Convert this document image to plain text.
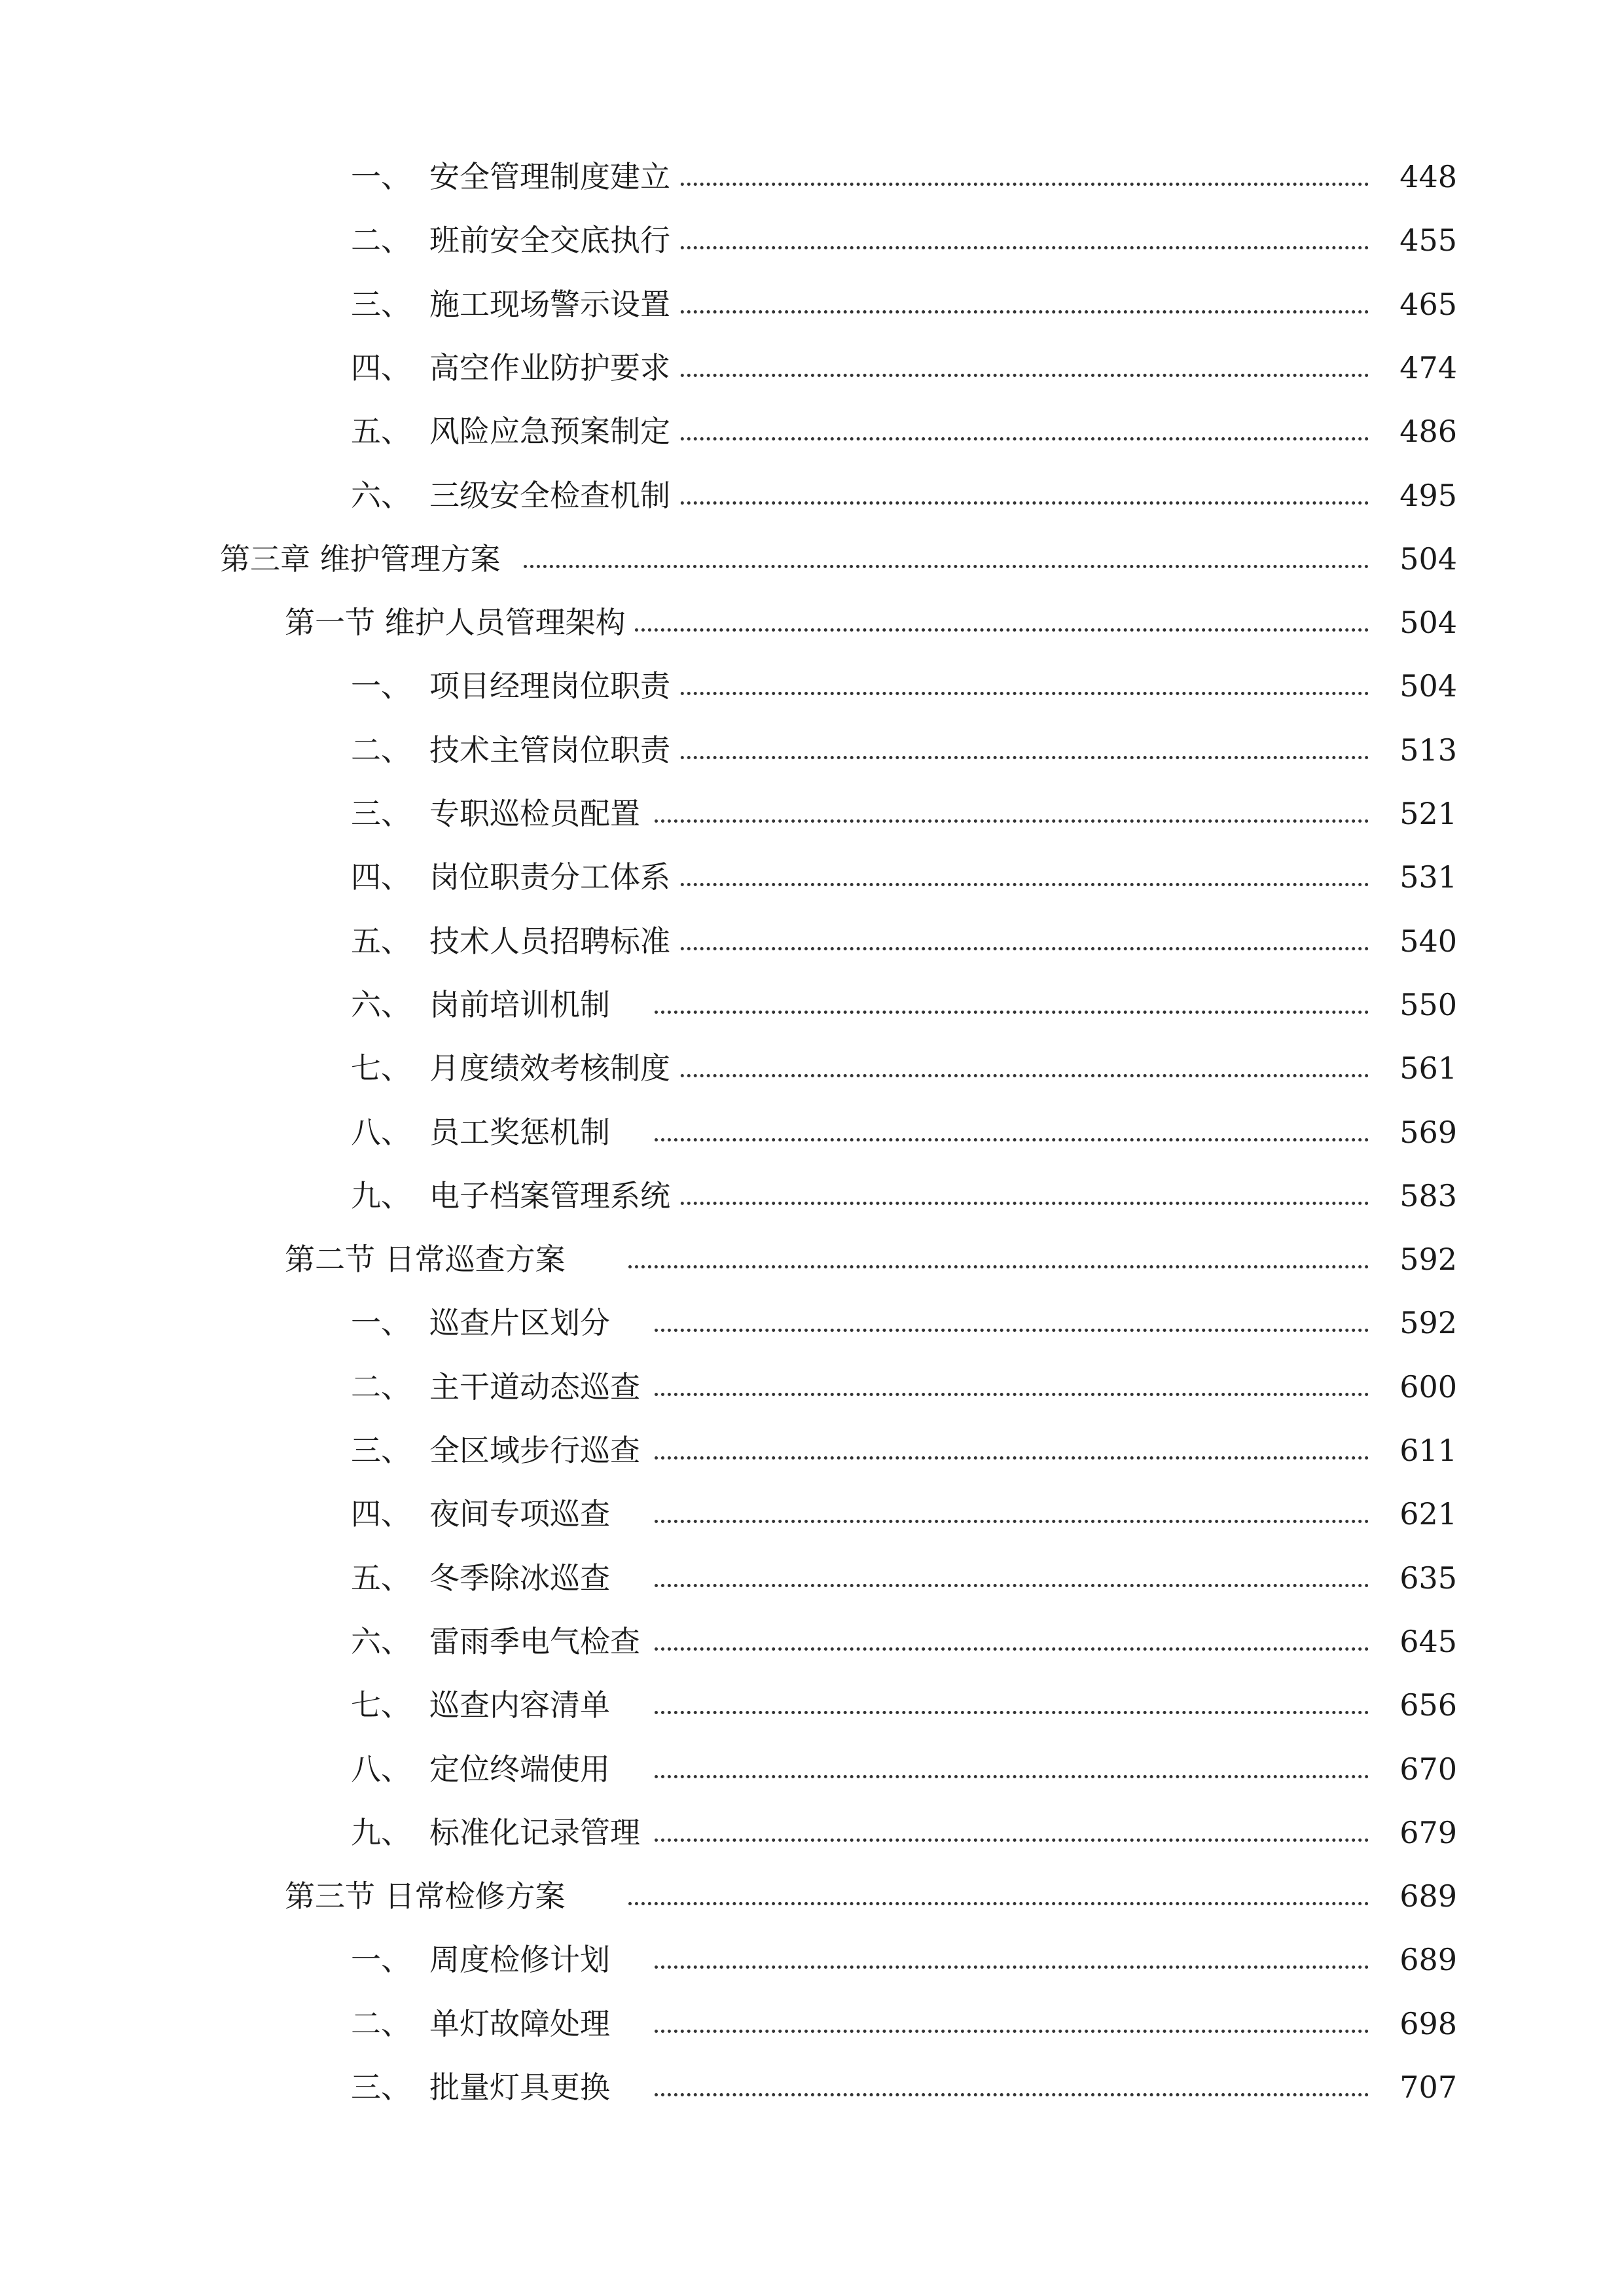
一、 安全管理制度建立	448
二、 班前安全交底执行	455
三、 施工现场警示设置	465
四、 高空作业防护要求	474
五、 风险应急预案制定	486
六、 三级安全检查机制	495
第三章 维护管理方案	504
第一节 维护人员管理架构	504
一、 项目经理岗位职责	504
二、 技术主管岗位职责	513
三、 专职巡检员配置	521
四、 岗位职责分工体系	531
五、 技术人员招聘标准	540
六、 岗前培训机制	550
七、 月度绩效考核制度	561
八、 员工奖惩机制	569
九、 电子档案管理系统	583
第二节 日常巡查方案	592
一、 巡查片区划分	592
二、 主干道动态巡查	600
三、 全区域步行巡查	611
四、 夜间专项巡查	621
五、 冬季除冰巡查	635
六、 雷雨季电气检查	645
七、 巡查内容清单	656
八、 定位终端使用	670
九、 标准化记录管理	679
第三节 日常检修方案	689
一、 周度检修计划	689
二、 单灯故障处理	698
三、 批量灯具更换	707
